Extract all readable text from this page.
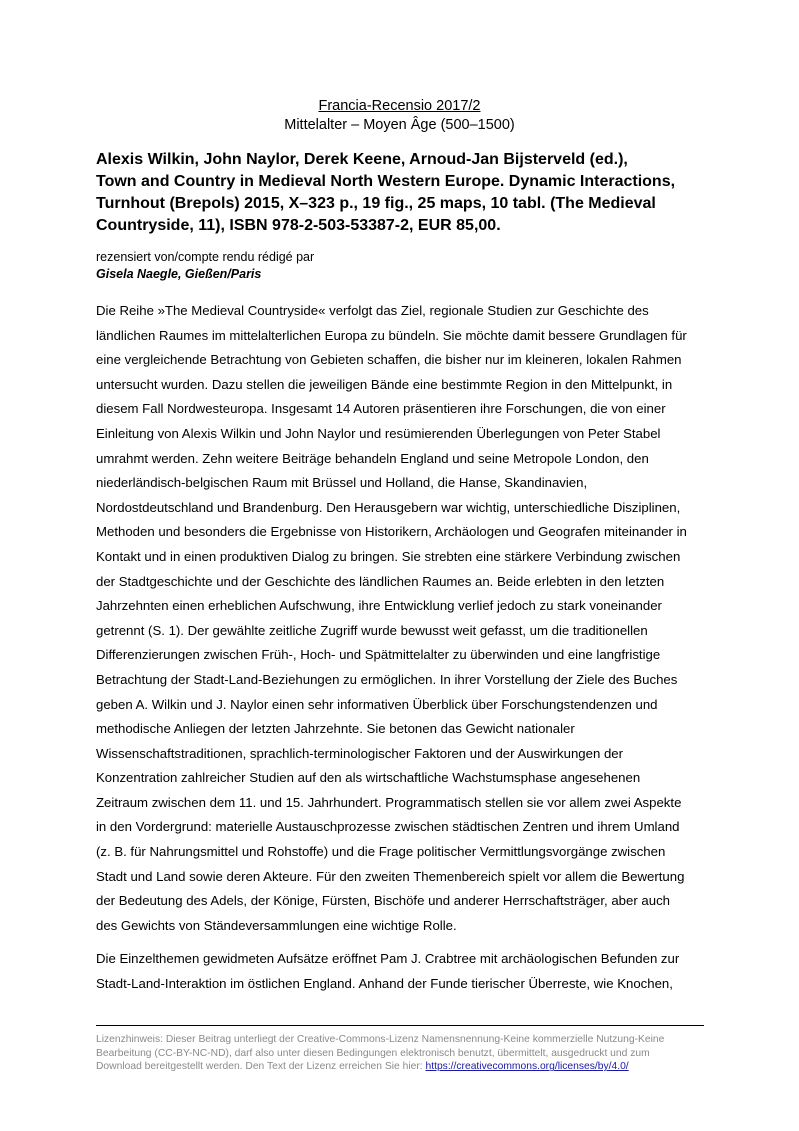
Francia-Recensio 2017/2
Mittelalter – Moyen Âge (500–1500)
Alexis Wilkin, John Naylor, Derek Keene, Arnoud-Jan Bijsterveld (ed.),
Town and Country in Medieval North Western Europe. Dynamic Interactions,
Turnhout (Brepols) 2015, X–323 p., 19 fig., 25 maps, 10 tabl. (The Medieval
Countryside, 11), ISBN 978-2-503-53387-2, EUR 85,00.
rezensiert von/compte rendu rédigé par
Gisela Naegle, Gießen/Paris
Die Reihe »The Medieval Countryside« verfolgt das Ziel, regionale Studien zur Geschichte des
ländlichen Raumes im mittelalterlichen Europa zu bündeln. Sie möchte damit bessere Grundlagen für
eine vergleichende Betrachtung von Gebieten schaffen, die bisher nur im kleineren, lokalen Rahmen
untersucht wurden. Dazu stellen die jeweiligen Bände eine bestimmte Region in den Mittelpunkt, in
diesem Fall Nordwesteuropa. Insgesamt 14 Autoren präsentieren ihre Forschungen, die von einer
Einleitung von Alexis Wilkin und John Naylor und resümierenden Überlegungen von Peter Stabel
umrahmt werden. Zehn weitere Beiträge behandeln England und seine Metropole London, den
niederländisch-belgischen Raum mit Brüssel und Holland, die Hanse, Skandinavien,
Nordostdeutschland und Brandenburg. Den Herausgebern war wichtig, unterschiedliche Disziplinen,
Methoden und besonders die Ergebnisse von Historikern, Archäologen und Geografen miteinander in
Kontakt und in einen produktiven Dialog zu bringen. Sie strebten eine stärkere Verbindung zwischen
der Stadtgeschichte und der Geschichte des ländlichen Raumes an. Beide erlebten in den letzten
Jahrzehnten einen erheblichen Aufschwung, ihre Entwicklung verlief jedoch zu stark voneinander
getrennt (S. 1). Der gewählte zeitliche Zugriff wurde bewusst weit gefasst, um die traditionellen
Differenzierungen zwischen Früh-, Hoch- und Spätmittelalter zu überwinden und eine langfristige
Betrachtung der Stadt-Land-Beziehungen zu ermöglichen. In ihrer Vorstellung der Ziele des Buches
geben A. Wilkin und J. Naylor einen sehr informativen Überblick über Forschungstendenzen und
methodische Anliegen der letzten Jahrzehnte. Sie betonen das Gewicht nationaler
Wissenschaftstraditionen, sprachlich-terminologischer Faktoren und der Auswirkungen der
Konzentration zahlreicher Studien auf den als wirtschaftliche Wachstumsphase angesehenen
Zeitraum zwischen dem 11. und 15. Jahrhundert. Programmatisch stellen sie vor allem zwei Aspekte
in den Vordergrund: materielle Austauschprozesse zwischen städtischen Zentren und ihrem Umland
(z. B. für Nahrungsmittel und Rohstoffe) und die Frage politischer Vermittlungsvorgänge zwischen
Stadt und Land sowie deren Akteure. Für den zweiten Themenbereich spielt vor allem die Bewertung
der Bedeutung des Adels, der Könige, Fürsten, Bischöfe und anderer Herrschaftsträger, aber auch
des Gewichts von Ständeversammlungen eine wichtige Rolle.
Die Einzelthemen gewidmeten Aufsätze eröffnet Pam J. Crabtree mit archäologischen Befunden zur
Stadt-Land-Interaktion im östlichen England. Anhand der Funde tierischer Überreste, wie Knochen,
Lizenzhinweis: Dieser Beitrag unterliegt der Creative-Commons-Lizenz Namensnennung-Keine kommerzielle Nutzung-Keine
Bearbeitung (CC-BY-NC-ND), darf also unter diesen Bedingungen elektronisch benutzt, übermittelt, ausgedruckt und zum
Download bereitgestellt werden. Den Text der Lizenz erreichen Sie hier: https://creativecommons.org/licenses/by/4.0/
